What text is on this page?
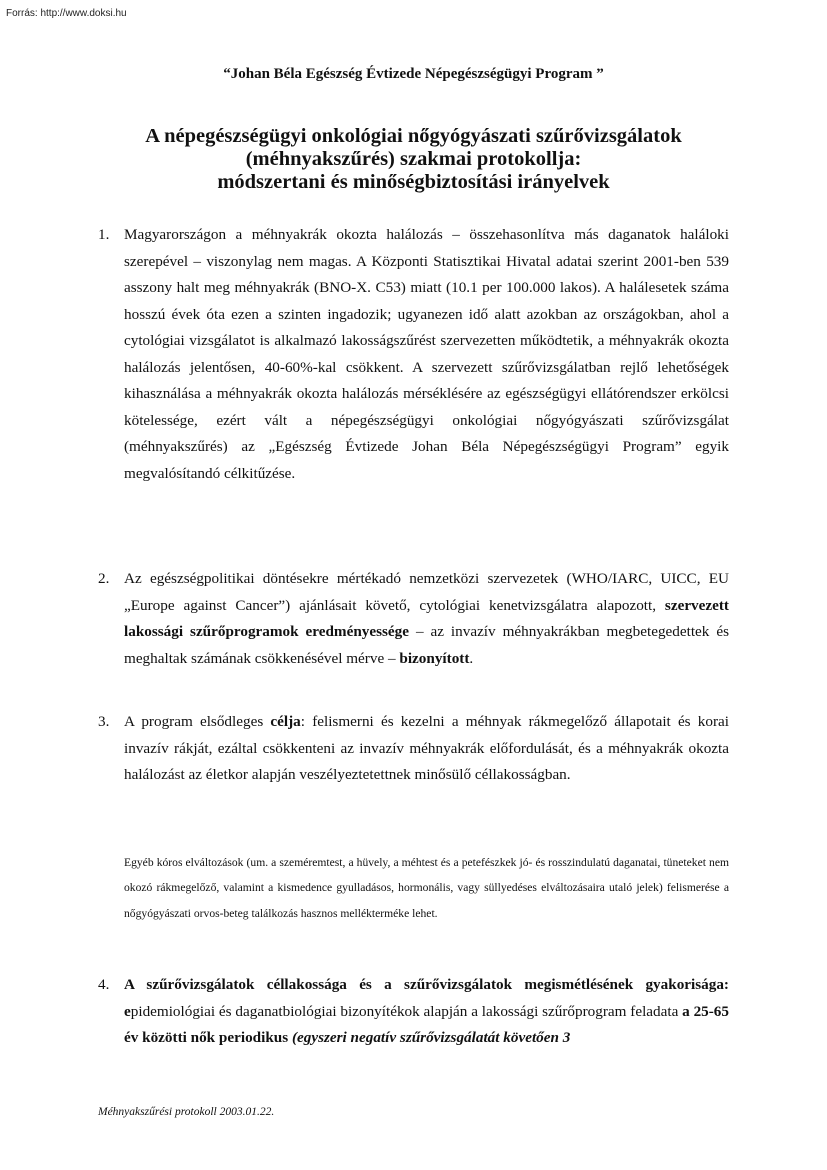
Forrás: http://www.doksi.hu
“Johan Béla Egészség Évtizede Népegészségügyi Program ”
A népegészségügyi onkológiai nőgyógyászati szűrővizsgálatok
(méhnyakszűrés) szakmai protokollja:
módszertani és minőségbiztosítási irányelvek
1. Magyarországon a méhnyakrák okozta halálozás – összehasonlítva más daganatok haláloki szerepével – viszonylag nem magas. A Központi Statisztikai Hivatal adatai szerint 2001-ben 539 asszony halt meg méhnyakrák (BNO-X. C53) miatt (10.1 per 100.000 lakos). A halálesetek száma hosszú évek óta ezen a szinten ingadozik; ugyanezen idő alatt azokban az országokban, ahol a cytológiai vizsgálatot is alkalmazó lakosságszűrést szervezetten működtetik, a méhnyakrák okozta halálozás jelentősen, 40-60%-kal csökkent. A szervezett szűrővizsgálatban rejlő lehetőségek kihasználása a méhnyakrák okozta halálozás mérséklésére az egészségügyi ellátórendszer erkölcsi kötelessége, ezért vált a népegészségügyi onkológiai nőgyógyászati szűrővizsgálat (méhnyakszűrés) az „Egészség Évtizede Johan Béla Népegészségügyi Program” egyik megvalósítandó célkitűzése.
2. Az egészségpolitikai döntésekre mértékadó nemzetközi szervezetek (WHO/IARC, UICC, EU „Europe against Cancer”) ajánlásait követő, cytológiai kenetvizsgálatra alapozott, szervezett lakossági szűrőprogramok eredményessége – az invazív méhnyakrákban megbetegedettek és meghaltak számának csökkenésével mérve – bizonyított.
3. A program elsődleges célja: felismerni és kezelni a méhnyak rákmegelőző állapotait és korai invazív rákját, ezáltal csökkenteni az invazív méhnyakrák előfordulását, és a méhnyakrák okozta halálozást az életkor alapján veszélyeztetettnek minősülő céllakosságban.
Egyéb kóros elváltozások (um. a szeméremtest, a hüvely, a méhtest és a petefészkek jó- és rosszindulatú daganatai, tüneteket nem okozó rákmegelőző, valamint a kismedence gyulladásos, hormonális, vagy süllyedéses elváltozásaira utaló jelek) felismerése a nőgyógyászati orvos-beteg találkozás hasznos mellékterméke lehet.
4. A szűrővizsgálatok céllakossága és a szűrővizsgálatok megismétlésének gyakorisága: epidemiológiai és daganatbiológiai bizonyítékok alapján a lakossági szűrőprogram feladata a 25-65 év közötti nők periodikus (egyszeri negatív szűrővizsgálatát követően 3
Méhnyakszűrési protokoll 2003.01.22.
